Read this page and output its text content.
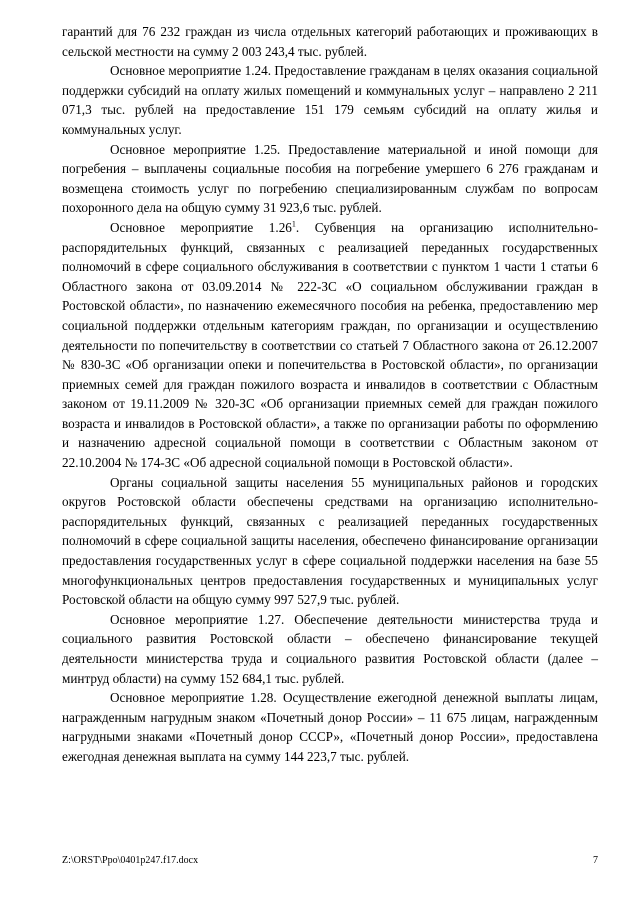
гарантий для 76 232 граждан из числа отдельных категорий работающих и проживающих в сельской местности на сумму 2 003 243,4 тыс. рублей.

Основное мероприятие 1.24. Предоставление гражданам в целях оказания социальной поддержки субсидий на оплату жилых помещений и коммунальных услуг – направлено 2 211 071,3 тыс. рублей на предоставление 151 179 семьям субсидий на оплату жилья и коммунальных услуг.

Основное мероприятие 1.25. Предоставление материальной и иной помощи для погребения – выплачены социальные пособия на погребение умершего 6 276 гражданам и возмещена стоимость услуг по погребению специализированным службам по вопросам похоронного дела на общую сумму 31 923,6 тыс. рублей.

Основное мероприятие 1.26$^1$. Субвенция на организацию исполнительно-распорядительных функций, связанных с реализацией переданных государственных полномочий в сфере социального обслуживания в соответствии с пунктом 1 части 1 статьи 6 Областного закона от 03.09.2014 № 222-ЗС «О социальном обслуживании граждан в Ростовской области», по назначению ежемесячного пособия на ребенка, предоставлению мер социальной поддержки отдельным категориям граждан, по организации и осуществлению деятельности по попечительству в соответствии со статьей 7 Областного закона от 26.12.2007 № 830-ЗС «Об организации опеки и попечительства в Ростовской области», по организации приемных семей для граждан пожилого возраста и инвалидов в соответствии с Областным законом от 19.11.2009 № 320-ЗС «Об организации приемных семей для граждан пожилого возраста и инвалидов в Ростовской области», а также по организации работы по оформлению и назначению адресной социальной помощи в соответствии с Областным законом от 22.10.2004 № 174-ЗС «Об адресной социальной помощи в Ростовской области».

Органы социальной защиты населения 55 муниципальных районов и городских округов Ростовской области обеспечены средствами на организацию исполнительно-распорядительных функций, связанных с реализацией переданных государственных полномочий в сфере социальной защиты населения, обеспечено финансирование организации предоставления государственных услуг в сфере социальной поддержки населения на базе 55 многофункциональных центров предоставления государственных и муниципальных услуг Ростовской области на общую сумму 997 527,9 тыс. рублей.

Основное мероприятие 1.27. Обеспечение деятельности министерства труда и социального развития Ростовской области – обеспечено финансирование текущей деятельности министерства труда и социального развития Ростовской области (далее – минтруд области) на сумму 152 684,1 тыс. рублей.

Основное мероприятие 1.28. Осуществление ежегодной денежной выплаты лицам, награжденным нагрудным знаком «Почетный донор России» – 11 675 лицам, награжденным нагрудными знаками «Почетный донор СССР», «Почетный донор России», предоставлена ежегодная денежная выплата на сумму 144 223,7 тыс. рублей.

Z:\ORST\Ppo\0401p247.f17.docx	7
